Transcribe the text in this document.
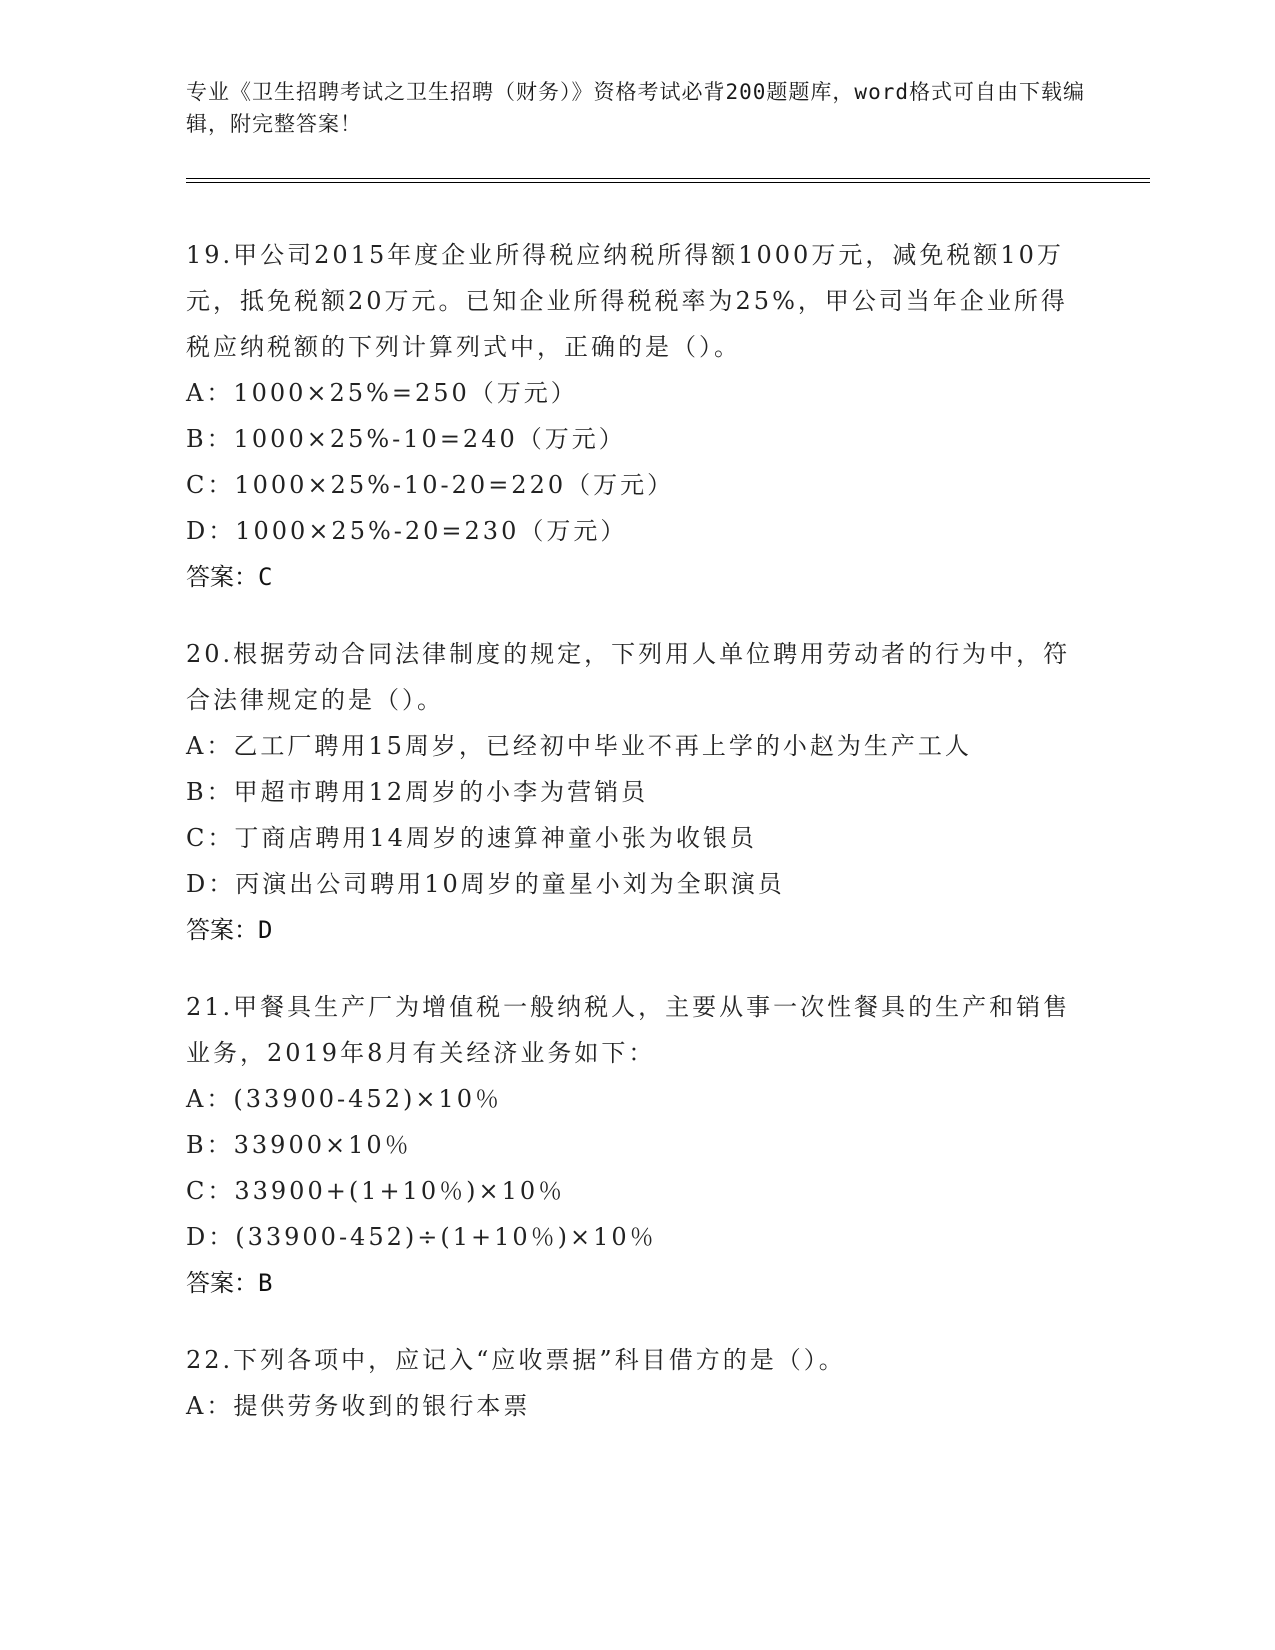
专业《卫生招聘考试之卫生招聘（财务）》资格考试必背200题题库，word格式可自由下载编辑，附完整答案！

19.甲公司2015年度企业所得税应纳税所得额1000万元，减免税额10万元，抵免税额20万元。已知企业所得税税率为25%，甲公司当年企业所得税应纳税额的下列计算列式中，正确的是（）。

A：1000×25%=250（万元）

B：1000×25%-10=240（万元）

C：1000×25%-10-20=220（万元）

D：1000×25%-20=230（万元）

答案：C

20.根据劳动合同法律制度的规定，下列用人单位聘用劳动者的行为中，符合法律规定的是（）。

A：乙工厂聘用15周岁，已经初中毕业不再上学的小赵为生产工人

B：甲超市聘用12周岁的小李为营销员

C：丁商店聘用14周岁的速算神童小张为收银员

D：丙演出公司聘用10周岁的童星小刘为全职演员

答案：D

21.甲餐具生产厂为增值税一般纳税人，主要从事一次性餐具的生产和销售业务，2019年8月有关经济业务如下：

A：(33900-452)×10％

B：33900×10％

C：33900+(1+10％)×10％

D：(33900-452)÷(1+10％)×10％

答案：B

22.下列各项中，应记入“应收票据”科目借方的是（）。

A：提供劳务收到的银行本票
